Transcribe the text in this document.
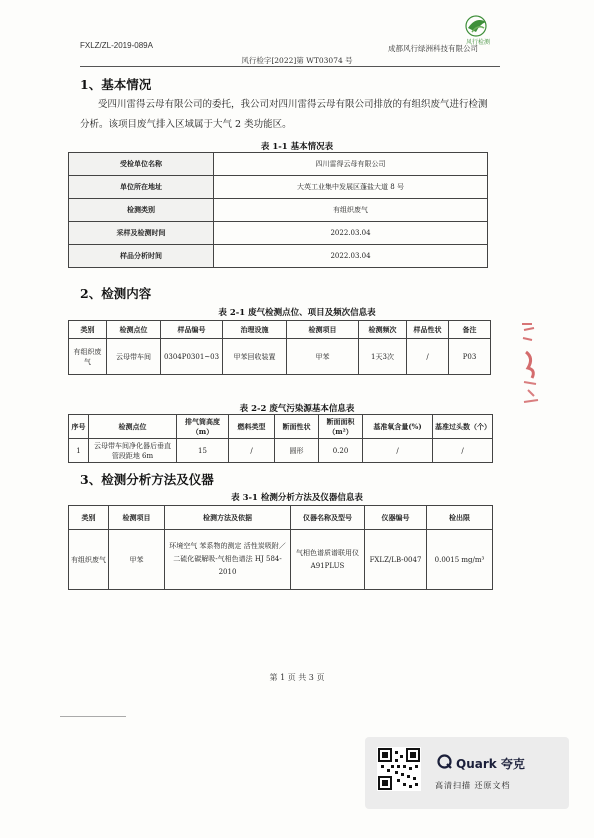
FXLZ/ZL-2019-089A	风行检测
成都风行绿洲科技有限公司
风行检字[2022]第 WT03074 号
1、基本情况
受四川雷得云母有限公司的委托，我公司对四川雷得云母有限公司排放的有组织废气进行检测分析。该项目废气排入区域属于大气 2 类功能区。
表 1-1 基本情况表
受检单位名称	四川雷得云母有限公司
单位所在地址	大英工业集中发展区蓬盐大道 8 号
检测类别	有组织废气
采样及检测时间	2022.03.04
样品分析时间	2022.03.04
2、检测内容
表 2-1 废气检测点位、项目及频次信息表
类别	检测点位	样品编号	治理设施	检测项目	检测频次	样品性状	备注
有组织废气	云母带车间	0304P0301~03	甲苯回收装置	甲苯	1天3次	/	P03
表 2-2 废气污染源基本信息表
序号	检测点位	排气筒高度（m）	燃料类型	断面性状	断面面积（m²）	基准氧含量(%)	基准过头数（个）
1	云母带车间净化器后垂直管段距地 6m	15	/	圆形	0.20	/	/
3、检测分析方法及仪器
表 3-1 检测分析方法及仪器信息表
类别	检测项目	检测方法及依据	仪器名称及型号	仪器编号	检出限
有组织废气	甲苯	环境空气 苯系物的测定 活性炭吸附／二硫化碳解吸-气相色谱法 HJ 584-2010	气相色谱质谱联用仪 A91PLUS	FXLZ/LB-0047	0.0015 mg/m³
第 1 页 共 3 页
Quark 夸克
高清扫描 还原文档
